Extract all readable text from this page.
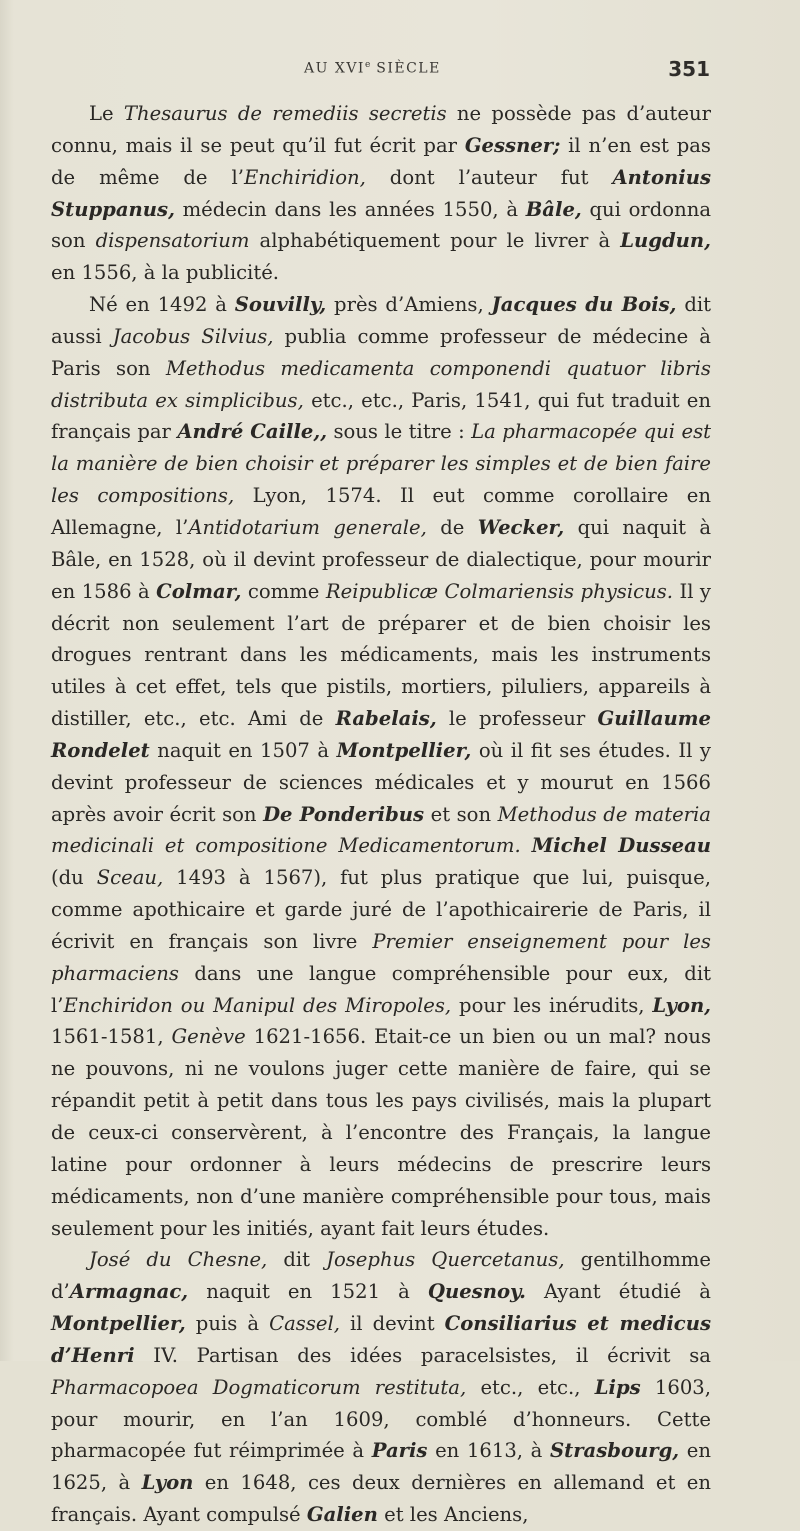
AU XVIe SIÈCLE	351

Le Thesaurus de remediis secretis ne possède pas d’auteur connu, mais il se peut qu’il fut écrit par Gessner; il n’en est pas de même de l’Enchiridion, dont l’auteur fut Antonius Stuppanus, médecin dans les années 1550, à Bâle, qui ordonna son dispensatorium alphabétiquement pour le livrer à Lugdun, en 1556, à la publicité.

Né en 1492 à Souvilly, près d’Amiens, Jacques du Bois, dit aussi Jacobus Silvius, publia comme professeur de médecine à Paris son Methodus medicamenta componendi quatuor libris distributa ex simplicibus, etc., etc., Paris, 1541, qui fut traduit en français par André Caille,, sous le titre : La pharmacopée qui est la manière de bien choisir et préparer les simples et de bien faire les compositions, Lyon, 1574. Il eut comme corollaire en Allemagne, l’Antidotarium generale, de Wecker, qui naquit à Bâle, en 1528, où il devint professeur de dialectique, pour mourir en 1586 à Colmar, comme Reipublicæ Colmariensis physicus. Il y décrit non seulement l’art de préparer et de bien choisir les drogues rentrant dans les médicaments, mais les instruments utiles à cet effet, tels que pistils, mortiers, piluliers, appareils à distiller, etc., etc. Ami de Rabelais, le professeur Guillaume Rondelet naquit en 1507 à Montpellier, où il fit ses études. Il y devint professeur de sciences médicales et y mourut en 1566 après avoir écrit son De Ponderibus et son Methodus de materia medicinali et compositione Medicamentorum. Michel Dusseau (du Sceau, 1493 à 1567), fut plus pratique que lui, puisque, comme apothicaire et garde juré de l’apothicairerie de Paris, il écrivit en français son livre Premier enseignement pour les pharmaciens dans une langue compréhensible pour eux, dit l’Enchiridon ou Manipul des Miropoles, pour les inérudits, Lyon, 1561-1581, Genève 1621-1656. Etait-ce un bien ou un mal? nous ne pouvons, ni ne voulons juger cette manière de faire, qui se répandit petit à petit dans tous les pays civilisés, mais la plupart de ceux-ci conservèrent, à l’encontre des Français, la langue latine pour ordonner à leurs médecins de prescrire leurs médicaments, non d’une manière compréhensible pour tous, mais seulement pour les initiés, ayant fait leurs études.

José du Chesne, dit Josephus Quercetanus, gentilhomme d’Armagnac, naquit en 1521 à Quesnoy. Ayant étudié à Montpellier, puis à Cassel, il devint Consiliarius et medicus d’Henri IV. Partisan des idées paracelsistes, il écrivit sa Pharmacopoea Dogmaticorum restituta, etc., etc., Lips 1603, pour mourir, en l’an 1609, comblé d’honneurs. Cette pharmacopée fut réimprimée à Paris en 1613, à Strasbourg, en 1625, à Lyon en 1648, ces deux dernières en allemand et en français. Ayant compulsé Galien et les Anciens,
